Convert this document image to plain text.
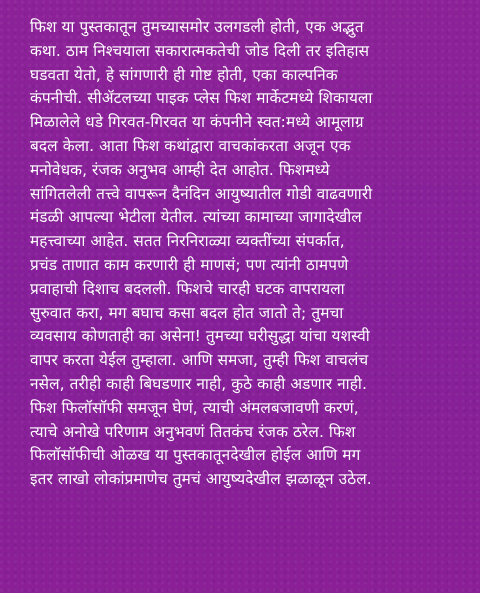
फिश या पुस्तकातून तुमच्यासमोर उलगडली होती, एक अद्भुत
कथा. ठाम निश्चयाला सकारात्मकतेची जोड दिली तर इतिहास
घडवता येतो, हे सांगणारी ही गोष्ट होती, एका काल्पनिक
कंपनीची. सीॲटलच्या पाइक प्लेस फिश मार्केटमध्ये शिकायला
मिळालेले धडे गिरवत-गिरवत या कंपनीने स्वत:मध्ये आमूलाग्र
बदल केला. आता फिश कथांद्वारा वाचकांकरता अजून एक
मनोवेधक, रंजक अनुभव आम्ही देत आहोत. फिशमध्ये
सांगितलेली तत्त्वे वापरून दैनंदिन आयुष्यातील गोडी वाढवणारी
मंडळी आपल्या भेटीला येतील. त्यांच्या कामाच्या जागादेखील
महत्त्वाच्या आहेत. सतत निरनिराळ्या व्यक्तींच्या संपर्कात,
प्रचंड ताणात काम करणारी ही माणसं; पण त्यांनी ठामपणे
प्रवाहाची दिशाच बदलली. फिशचे चारही घटक वापरायला
सुरुवात करा, मग बघाच कसा बदल होत जातो ते; तुमचा
व्यवसाय कोणताही का असेना! तुमच्या घरीसुद्धा यांचा यशस्वी
वापर करता येईल तुम्हाला. आणि समजा, तुम्ही फिश वाचलंच
नसेल, तरीही काही बिघडणार नाही, कुठे काही अडणार नाही.
फिश फिलॉसॉफी समजून घेणं, त्याची अंमलबजावणी करणं,
त्याचे अनोखे परिणाम अनुभवणं तितकंच रंजक ठरेल. फिश
फिलॉसॉफीची ओळख या पुस्तकातूनदेखील होईल आणि मग
इतर लाखो लोकांप्रमाणेच तुमचं आयुष्यदेखील झळाळून उठेल.
